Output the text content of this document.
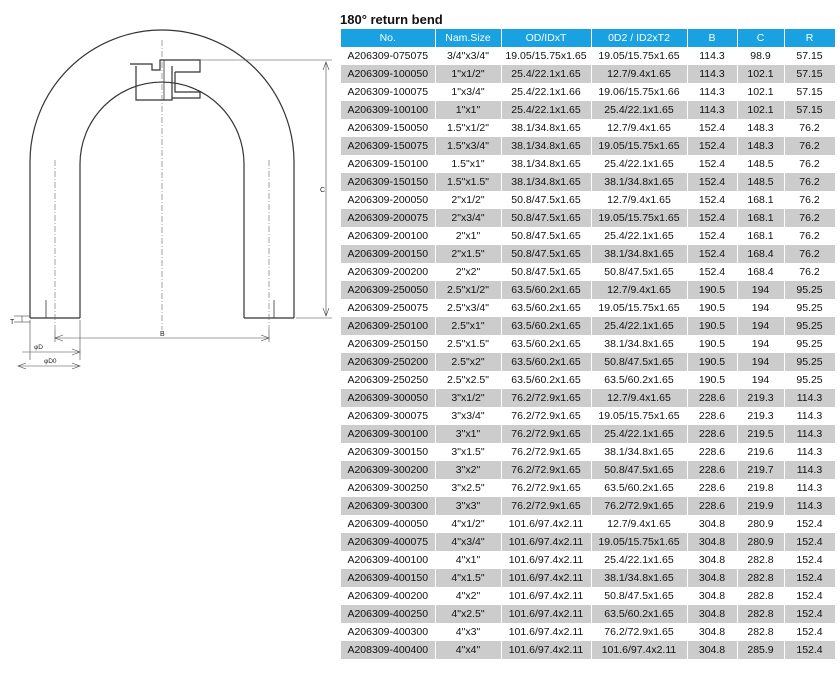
C
B
T
φD
φD0
180° return bend
No.	Nam.Size	OD/IDxT	0D2 / ID2xT2	B	C	R
A206309-075075	3/4"x3/4"	19.05/15.75x1.65	19.05/15.75x1.65	114.3	98.9	57.15
A206309-100050	1"x1/2"	25.4/22.1x1.65	12.7/9.4x1.65	114.3	102.1	57.15
A206309-100075	1"x3/4"	25.4/22.1x1.66	19.06/15.75x1.66	114.3	102.1	57.15
A206309-100100	1"x1"	25.4/22.1x1.65	25.4/22.1x1.65	114.3	102.1	57.15
A206309-150050	1.5"x1/2"	38.1/34.8x1.65	12.7/9.4x1.65	152.4	148.3	76.2
A206309-150075	1.5"x3/4"	38.1/34.8x1.65	19.05/15.75x1.65	152.4	148.3	76.2
A206309-150100	1.5"x1"	38.1/34.8x1.65	25.4/22.1x1.65	152.4	148.5	76.2
A206309-150150	1.5"x1.5"	38.1/34.8x1.65	38.1/34.8x1.65	152.4	148.5	76.2
A206309-200050	2"x1/2"	50.8/47.5x1.65	12.7/9.4x1.65	152.4	168.1	76.2
A206309-200075	2"x3/4"	50.8/47.5x1.65	19.05/15.75x1.65	152.4	168.1	76.2
A206309-200100	2"x1"	50.8/47.5x1.65	25.4/22.1x1.65	152.4	168.1	76.2
A206309-200150	2"x1.5"	50.8/47.5x1.65	38.1/34.8x1.65	152.4	168.4	76.2
A206309-200200	2"x2"	50.8/47.5x1.65	50.8/47.5x1.65	152.4	168.4	76.2
A206309-250050	2.5"x1/2"	63.5/60.2x1.65	12.7/9.4x1.65	190.5	194	95.25
A206309-250075	2.5"x3/4"	63.5/60.2x1.65	19.05/15.75x1.65	190.5	194	95.25
A206309-250100	2.5"x1"	63.5/60.2x1.65	25.4/22.1x1.65	190.5	194	95.25
A206309-250150	2.5"x1.5"	63.5/60.2x1.65	38.1/34.8x1.65	190.5	194	95.25
A206309-250200	2.5"x2"	63.5/60.2x1.65	50.8/47.5x1.65	190.5	194	95.25
A206309-250250	2.5"x2.5"	63.5/60.2x1.65	63.5/60.2x1.65	190.5	194	95.25
A206309-300050	3"x1/2"	76.2/72.9x1.65	12.7/9.4x1.65	228.6	219.3	114.3
A206309-300075	3"x3/4"	76.2/72.9x1.65	19.05/15.75x1.65	228.6	219.3	114.3
A206309-300100	3"x1"	76.2/72.9x1.65	25.4/22.1x1.65	228.6	219.5	114.3
A206309-300150	3"x1.5"	76.2/72.9x1.65	38.1/34.8x1.65	228.6	219.6	114.3
A206309-300200	3"x2"	76.2/72.9x1.65	50.8/47.5x1.65	228.6	219.7	114.3
A206309-300250	3"x2.5"	76.2/72.9x1.65	63.5/60.2x1.65	228.6	219.8	114.3
A206309-300300	3"x3"	76.2/72.9x1.65	76.2/72.9x1.65	228.6	219.9	114.3
A206309-400050	4"x1/2"	101.6/97.4x2.11	12.7/9.4x1.65	304.8	280.9	152.4
A206309-400075	4"x3/4"	101.6/97.4x2.11	19.05/15.75x1.65	304.8	280.9	152.4
A206309-400100	4"x1"	101.6/97.4x2.11	25.4/22.1x1.65	304.8	282.8	152.4
A206309-400150	4"x1.5"	101.6/97.4x2.11	38.1/34.8x1.65	304.8	282.8	152.4
A206309-400200	4"x2"	101.6/97.4x2.11	50.8/47.5x1.65	304.8	282.8	152.4
A206309-400250	4"x2.5"	101.6/97.4x2.11	63.5/60.2x1.65	304.8	282.8	152.4
A206309-400300	4"x3"	101.6/97.4x2.11	76.2/72.9x1.65	304.8	282.8	152.4
A208309-400400	4"x4"	101.6/97.4x2.11	101.6/97.4x2.11	304.8	285.9	152.4
